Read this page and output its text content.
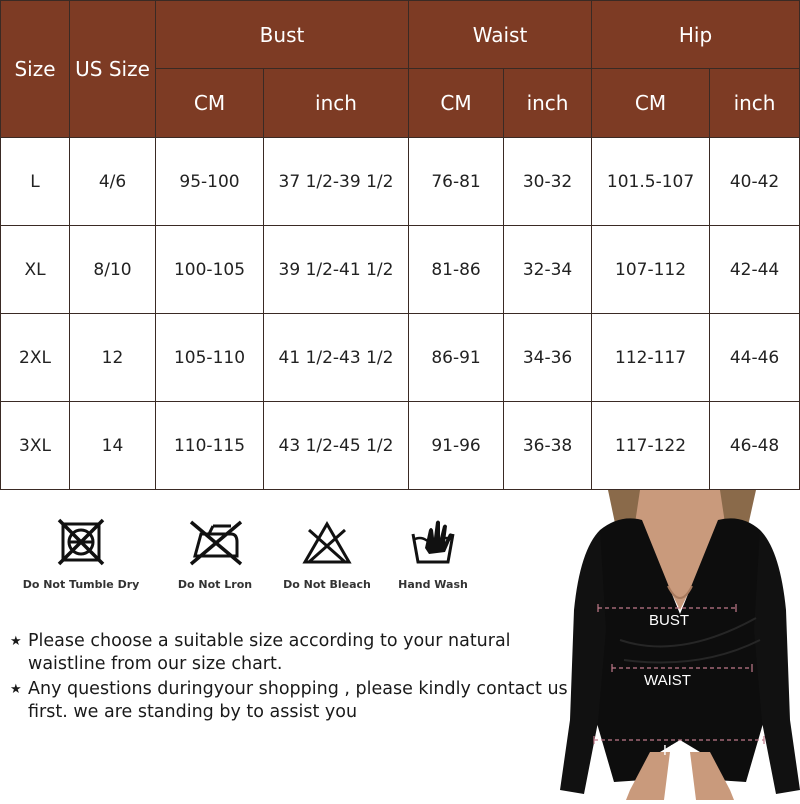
Size	US Size	Bust		Waist		Hip	
		CM	inch	CM	inch	CM	inch
L	4/6	95-100	37 1/2-39 1/2	76-81	30-32	101.5-107	40-42
XL	8/10	100-105	39 1/2-41 1/2	81-86	32-34	107-112	42-44
2XL	12	105-110	41 1/2-43 1/2	86-91	34-36	112-117	44-46
3XL	14	110-115	43 1/2-45 1/2	91-96	36-38	117-122	46-48
Do Not Tumble Dry	Do Not Lron	Do Not Bleach	Hand Wash
★ Please choose a suitable size according to your natural waistline from our size chart.
★ Any questions duringyour shopping , please kindly contact us first. we are standing by to assist you
BUST
WAIST
HIP
